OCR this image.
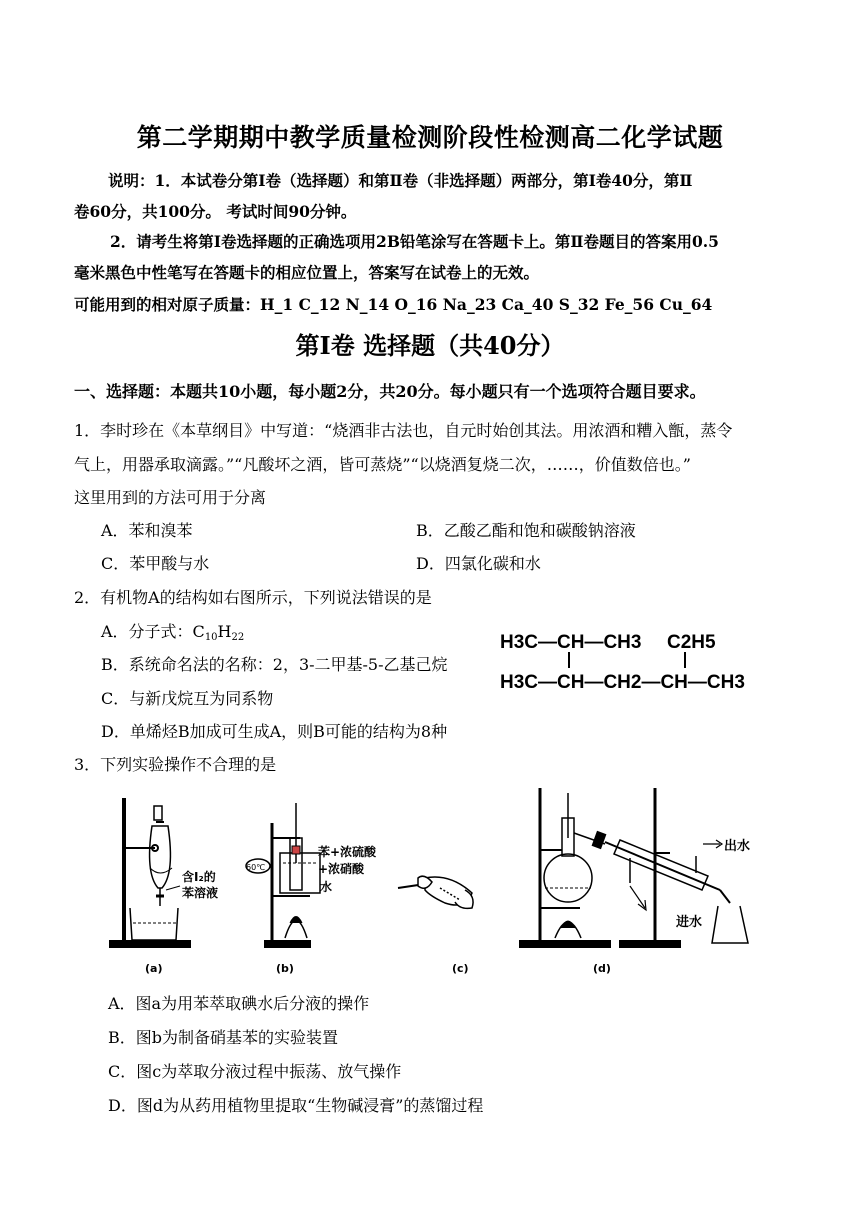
第二学期期中教学质量检测阶段性检测高二化学试题
说明：1．本试卷分第Ⅰ卷（选择题）和第Ⅱ卷（非选择题）两部分，第Ⅰ卷40分，第Ⅱ
卷60分，共100分。 考试时间90分钟。
2．请考生将第Ⅰ卷选择题的正确选项用2B铅笔涂写在答题卡上。第Ⅱ卷题目的答案用0.5
毫米黑色中性笔写在答题卡的相应位置上，答案写在试卷上的无效。
可能用到的相对原子质量：H_1 C_12 N_14 O_16 Na_23 Ca_40 S_32 Fe_56 Cu_64
第I卷 选择题（共40分）
一、选择题：本题共10小题，每小题2分，共20分。每小题只有一个选项符合题目要求。
1．李时珍在《本草纲目》中写道：“烧酒非古法也，自元时始创其法。用浓酒和糟入甑，蒸令
气上，用器承取滴露。”“凡酸坏之酒，皆可蒸烧”“以烧酒复烧二次，……，价值数倍也。”
这里用到的方法可用于分离
A．苯和溴苯	B．乙酸乙酯和饱和碳酸钠溶液
C．苯甲酸与水	D．四氯化碳和水
2．有机物A的结构如右图所示，下列说法错误的是
A．分子式：$C_{10}H_{22}$
B．系统命名法的名称：2，3-二甲基-5-乙基己烷
C．与新戊烷互为同系物
D．单烯烃B加成可生成A，则B可能的结构为8种
H3C—CH—CH3 C2H5
H3C—CH—CH2—CH—CH3
3．下列实验操作不合理的是
含I₂的
苯溶液
(a)
60℃
苯+浓硫酸
+浓硝酸
水
(b)	(c)
出水
进水
(d)
A．图a为用苯萃取碘水后分液的操作
B．图b为制备硝基苯的实验装置
C．图c为萃取分液过程中振荡、放气操作
D．图d为从药用植物里提取“生物碱浸膏”的蒸馏过程
